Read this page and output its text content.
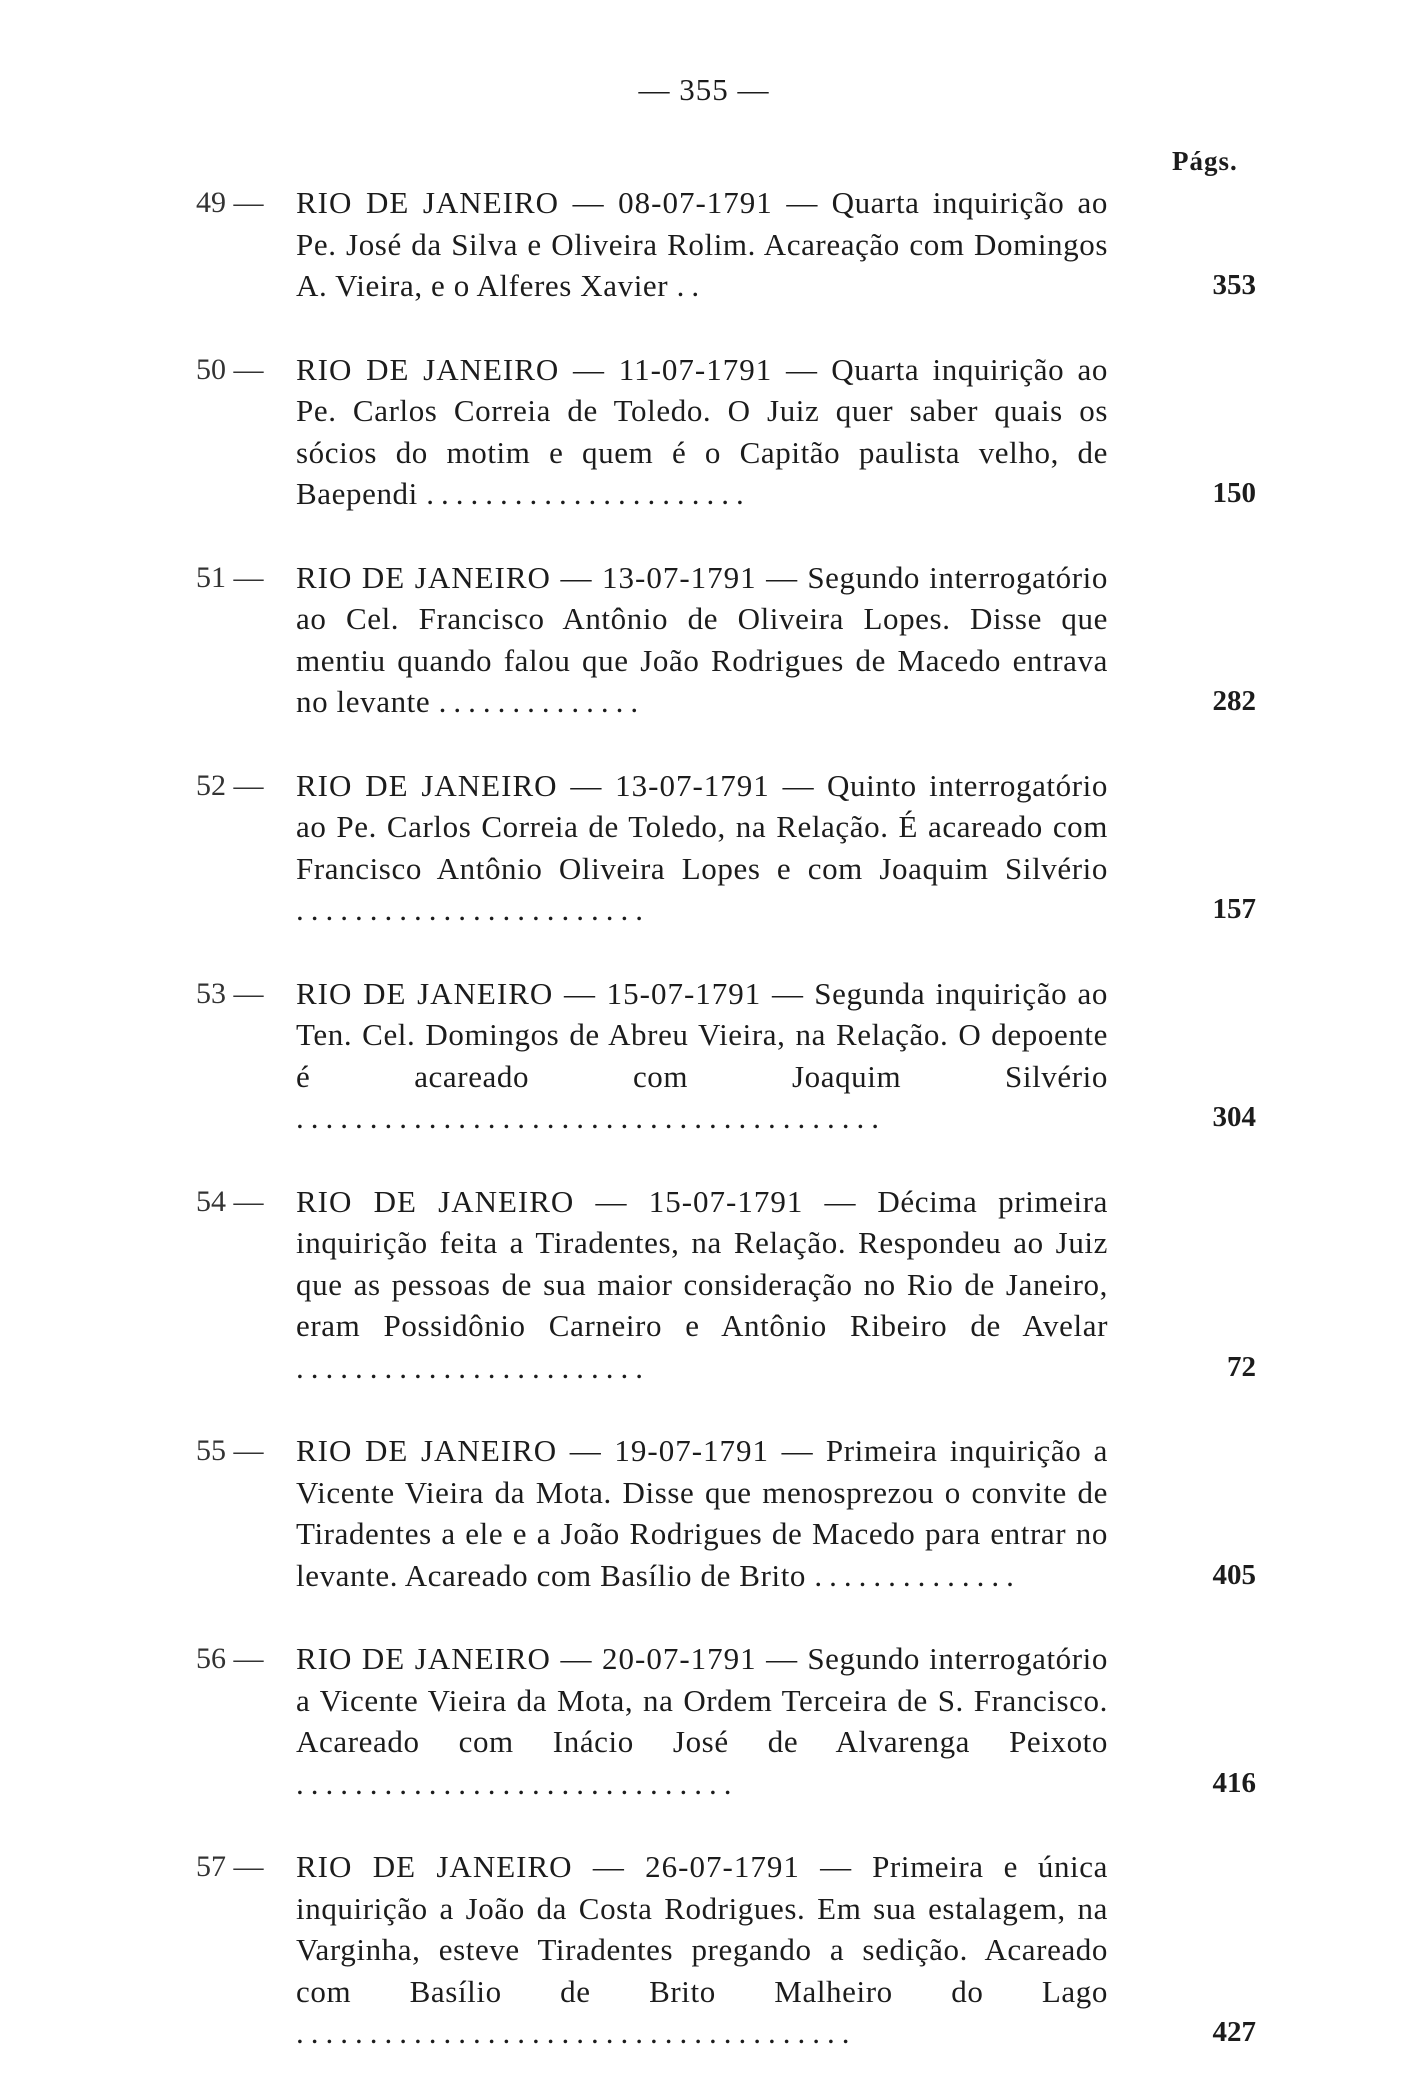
— 355 —
Págs.
49 — RIO DE JANEIRO — 08-07-1791 — Quarta inquirição ao Pe. José da Silva e Oliveira Rolim. Acareação com Domingos A. Vieira, e o Alferes Xavier ..	353
50 — RIO DE JANEIRO — 11-07-1791 — Quarta inquirição ao Pe. Carlos Correia de Toledo. O Juiz quer saber quais os sócios do motim e quem é o Capitão paulista velho, de Baependi ......................	150
51 — RIO DE JANEIRO — 13-07-1791 — Segundo interrogatório ao Cel. Francisco Antônio de Oliveira Lopes. Disse que mentiu quando falou que João Rodrigues de Macedo entrava no levante ..............	282
52 — RIO DE JANEIRO — 13-07-1791 — Quinto interrogatório ao Pe. Carlos Correia de Toledo, na Relação. É acareado com Francisco Antônio Oliveira Lopes e com Joaquim Silvério ........................	157
53 — RIO DE JANEIRO — 15-07-1791 — Segunda inquirição ao Ten. Cel. Domingos de Abreu Vieira, na Relação. O depoente é acareado com Joaquim Silvério ........................................	304
54 — RIO DE JANEIRO — 15-07-1791 — Décima primeira inquirição feita a Tiradentes, na Relação. Respondeu ao Juiz que as pessoas de sua maior consideração no Rio de Janeiro, eram Possidônio Carneiro e Antônio Ribeiro de Avelar ........................	72
55 — RIO DE JANEIRO — 19-07-1791 — Primeira inquirição a Vicente Vieira da Mota. Disse que menosprezou o convite de Tiradentes a ele e a João Rodrigues de Macedo para entrar no levante. Acareado com Basílio de Brito ..............	405
56 — RIO DE JANEIRO — 20-07-1791 — Segundo interrogatório a Vicente Vieira da Mota, na Ordem Terceira de S. Francisco. Acareado com Inácio José de Alvarenga Peixoto ..............................	416
57 — RIO DE JANEIRO — 26-07-1791 — Primeira e única inquirição a João da Costa Rodrigues. Em sua estalagem, na Varginha, esteve Tiradentes pregando a sedição. Acareado com Basílio de Brito Malheiro do Lago ......................................	427
